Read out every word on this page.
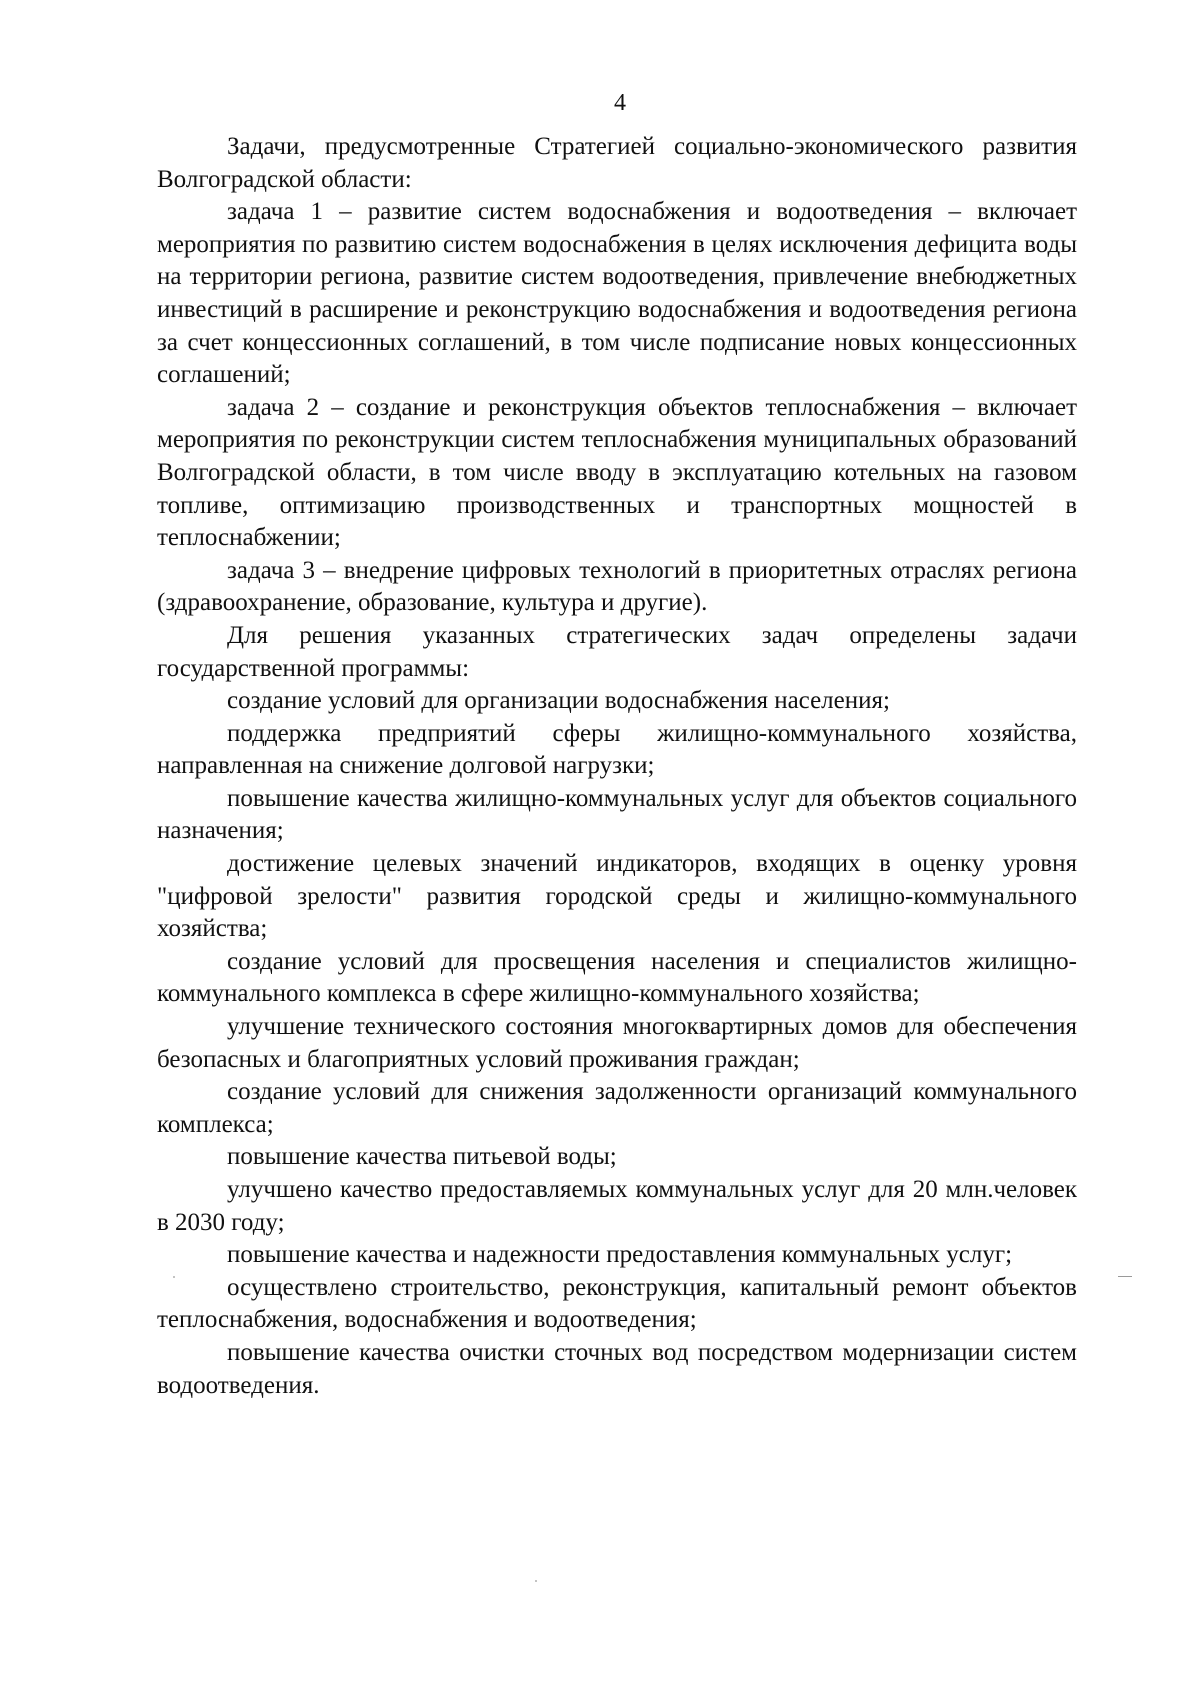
4

Задачи, предусмотренные Стратегией социально-экономического развития Волгоградской области:

задача 1 – развитие систем водоснабжения и водоотведения – включает мероприятия по развитию систем водоснабжения в целях исключения дефицита воды на территории региона, развитие систем водоотведения, привлечение внебюджетных инвестиций в расширение и реконструкцию водоснабжения и водоотведения региона за счет концессионных соглашений, в том числе подписание новых концессионных соглашений;

задача 2 – создание и реконструкция объектов теплоснабжения – включает мероприятия по реконструкции систем теплоснабжения муниципальных образований Волгоградской области, в том числе вводу в эксплуатацию котельных на газовом топливе, оптимизацию производственных и транспортных мощностей в теплоснабжении;

задача 3 – внедрение цифровых технологий в приоритетных отраслях региона (здравоохранение, образование, культура и другие).

Для решения указанных стратегических задач определены задачи государственной программы:

создание условий для организации водоснабжения населения;

поддержка предприятий сферы жилищно-коммунального хозяйства, направленная на снижение долговой нагрузки;

повышение качества жилищно-коммунальных услуг для объектов социального назначения;

достижение целевых значений индикаторов, входящих в оценку уровня "цифровой зрелости" развития городской среды и жилищно-коммунального хозяйства;

создание условий для просвещения населения и специалистов жилищно-коммунального комплекса в сфере жилищно-коммунального хозяйства;

улучшение технического состояния многоквартирных домов для обеспечения безопасных и благоприятных условий проживания граждан;

создание условий для снижения задолженности организаций коммунального комплекса;

повышение качества питьевой воды;

улучшено качество предоставляемых коммунальных услуг для 20 млн.человек в 2030 году;

повышение качества и надежности предоставления коммунальных услуг;

осуществлено строительство, реконструкция, капитальный ремонт объектов теплоснабжения, водоснабжения и водоотведения;

повышение качества очистки сточных вод посредством модернизации систем водоотведения.
